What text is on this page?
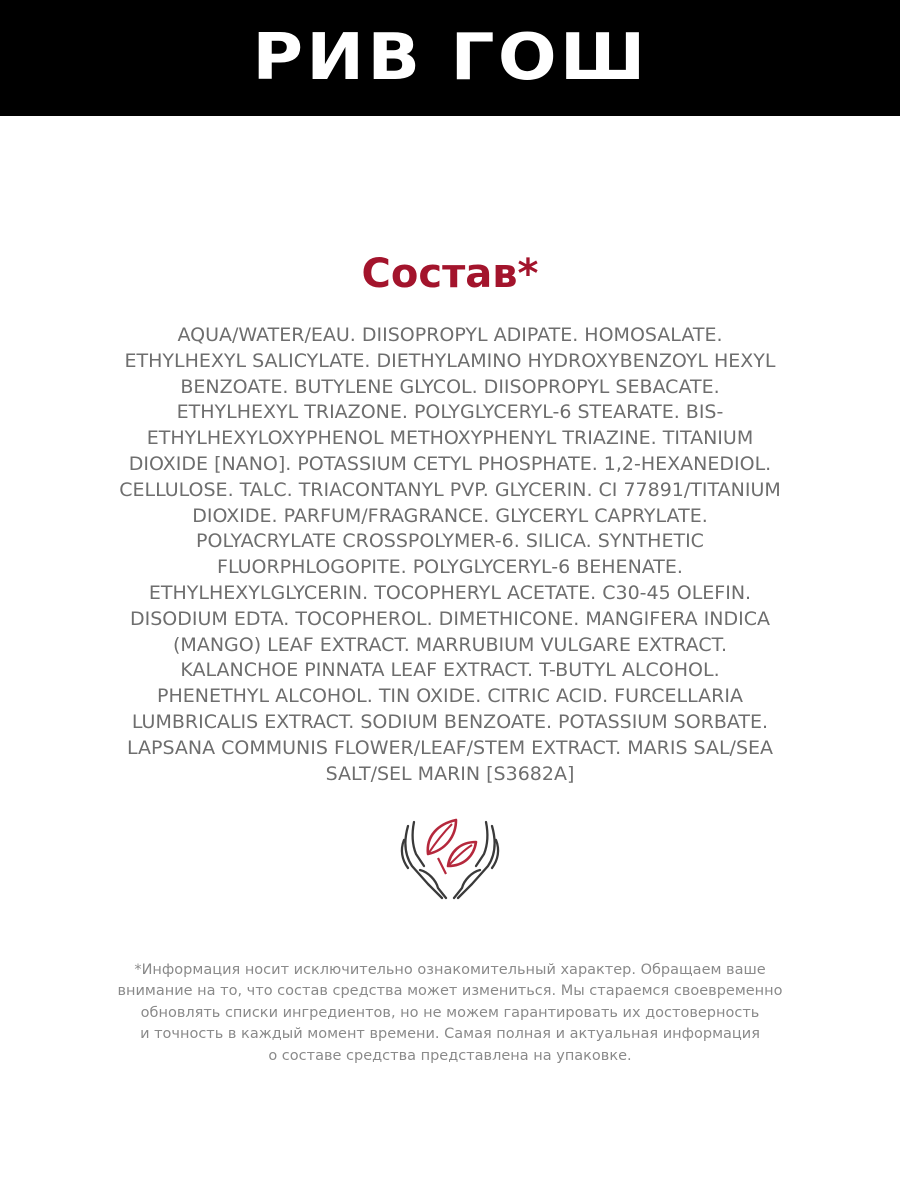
РИВ ГОШ
Состав*
AQUA/WATER/EAU. DIISOPROPYL ADIPATE. HOMOSALATE.
ETHYLHEXYL SALICYLATE. DIETHYLAMINO HYDROXYBENZOYL HEXYL
BENZOATE. BUTYLENE GLYCOL. DIISOPROPYL SEBACATE.
ETHYLHEXYL TRIAZONE. POLYGLYCERYL-6 STEARATE. BIS-
ETHYLHEXYLOXYPHENOL METHOXYPHENYL TRIAZINE. TITANIUM
DIOXIDE [NANO]. POTASSIUM CETYL PHOSPHATE. 1,2-HEXANEDIOL.
CELLULOSE. TALC. TRIACONTANYL PVP. GLYCERIN. CI 77891/TITANIUM
DIOXIDE. PARFUM/FRAGRANCE. GLYCERYL CAPRYLATE.
POLYACRYLATE CROSSPOLYMER-6. SILICA. SYNTHETIC
FLUORPHLOGOPITE. POLYGLYCERYL-6 BEHENATE.
ETHYLHEXYLGLYCERIN. TOCOPHERYL ACETATE. C30-45 OLEFIN.
DISODIUM EDTA. TOCOPHEROL. DIMETHICONE. MANGIFERA INDICA
(MANGO) LEAF EXTRACT. MARRUBIUM VULGARE EXTRACT.
KALANCHOE PINNATA LEAF EXTRACT. T-BUTYL ALCOHOL.
PHENETHYL ALCOHOL. TIN OXIDE. CITRIC ACID. FURCELLARIA
LUMBRICALIS EXTRACT. SODIUM BENZOATE. POTASSIUM SORBATE.
LAPSANA COMMUNIS FLOWER/LEAF/STEM EXTRACT. MARIS SAL/SEA
SALT/SEL MARIN [S3682A]
*Информация носит исключительно ознакомительный характер. Обращаем ваше
внимание на то, что состав средства может измениться. Мы стараемся своевременно
обновлять списки ингредиентов, но не можем гарантировать их достоверность
и точность в каждый момент времени. Самая полная и актуальная информация
о составе средства представлена на упаковке.
